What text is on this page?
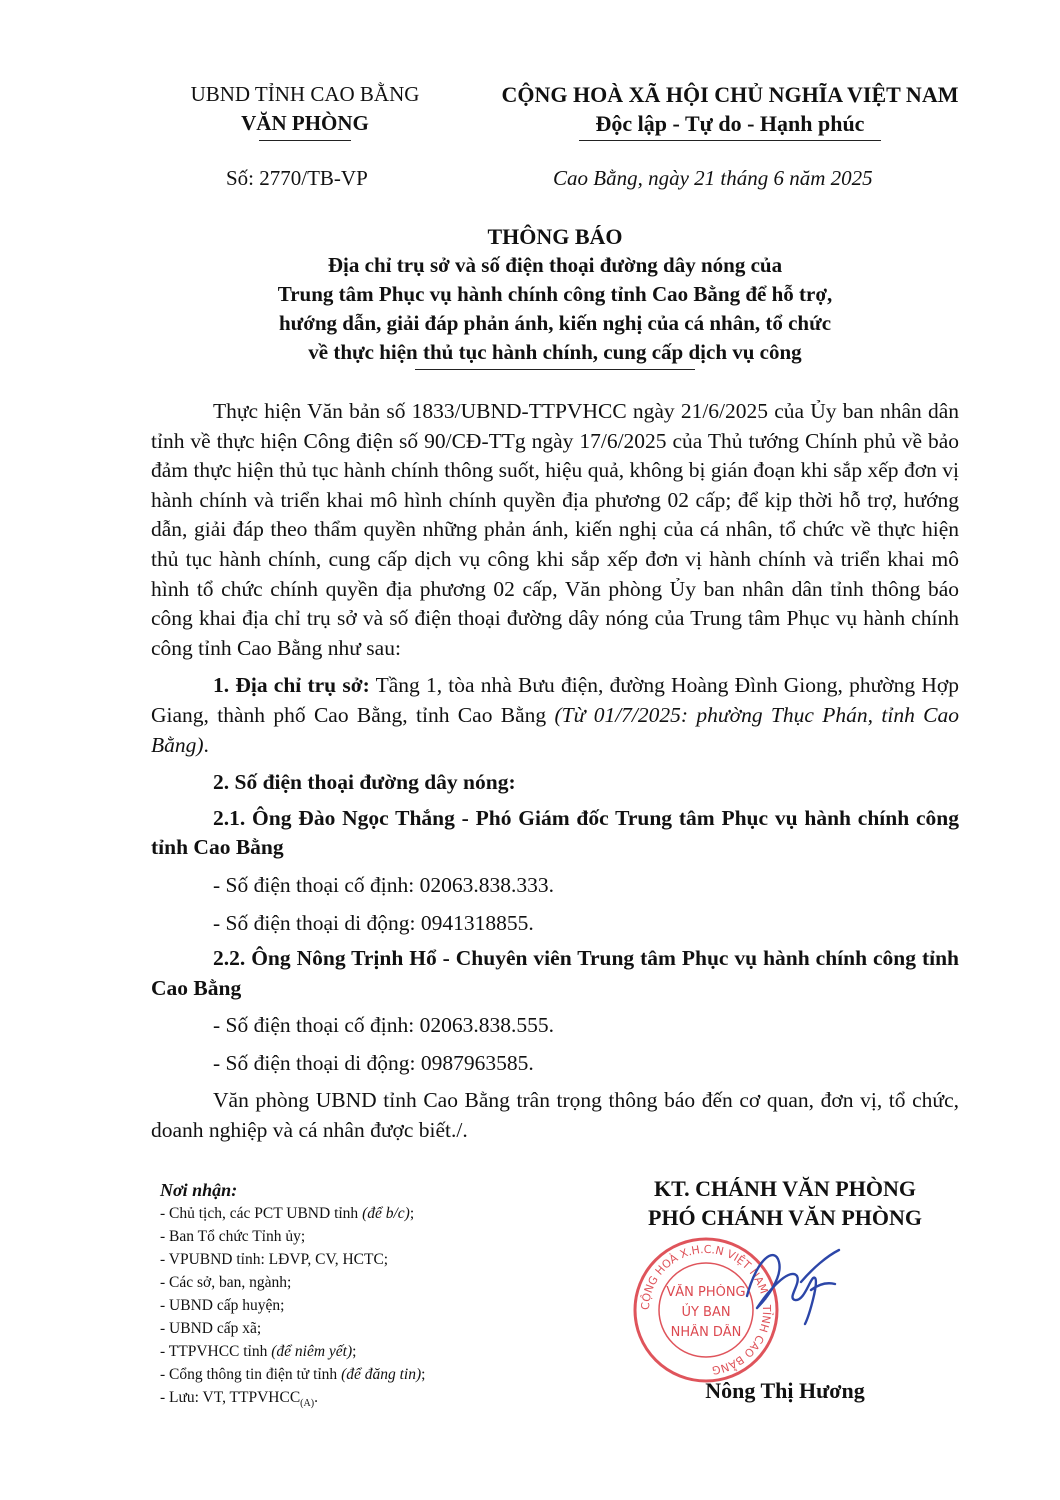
UBND TỈNH CAO BẰNG
VĂN PHÒNG
CỘNG HOÀ XÃ HỘI CHỦ NGHĨA VIỆT NAM
Độc lập - Tự do - Hạnh phúc
Số: 2770/TB-VP	Cao Bằng, ngày 21 tháng 6 năm 2025
THÔNG BÁO
Địa chỉ trụ sở và số điện thoại đường dây nóng của
Trung tâm Phục vụ hành chính công tỉnh Cao Bằng để hỗ trợ,
hướng dẫn, giải đáp phản ánh, kiến nghị của cá nhân, tổ chức
về thực hiện thủ tục hành chính, cung cấp dịch vụ công

Thực hiện Văn bản số 1833/UBND-TTPVHCC ngày 21/6/2025 của Ủy ban nhân dân tỉnh về thực hiện Công điện số 90/CĐ-TTg ngày 17/6/2025 của Thủ tướng Chính phủ về bảo đảm thực hiện thủ tục hành chính thông suốt, hiệu quả, không bị gián đoạn khi sắp xếp đơn vị hành chính và triển khai mô hình chính quyền địa phương 02 cấp; để kịp thời hỗ trợ, hướng dẫn, giải đáp theo thẩm quyền những phản ánh, kiến nghị của cá nhân, tổ chức về thực hiện thủ tục hành chính, cung cấp dịch vụ công khi sắp xếp đơn vị hành chính và triển khai mô hình tổ chức chính quyền địa phương 02 cấp, Văn phòng Ủy ban nhân dân tỉnh thông báo công khai địa chỉ trụ sở và số điện thoại đường dây nóng của Trung tâm Phục vụ hành chính công tỉnh Cao Bằng như sau:

1. Địa chỉ trụ sở: Tầng 1, tòa nhà Bưu điện, đường Hoàng Đình Giong, phường Hợp Giang, thành phố Cao Bằng, tỉnh Cao Bằng (Từ 01/7/2025: phường Thục Phán, tỉnh Cao Bằng).

2. Số điện thoại đường dây nóng:

2.1. Ông Đào Ngọc Thắng - Phó Giám đốc Trung tâm Phục vụ hành chính công tỉnh Cao Bằng

- Số điện thoại cố định: 02063.838.333.

- Số điện thoại di động: 0941318855.

2.2. Ông Nông Trịnh Hổ - Chuyên viên Trung tâm Phục vụ hành chính công tỉnh Cao Bằng

- Số điện thoại cố định: 02063.838.555.

- Số điện thoại di động: 0987963585.

Văn phòng UBND tỉnh Cao Bằng trân trọng thông báo đến cơ quan, đơn vị, tổ chức, doanh nghiệp và cá nhân được biết./.

Nơi nhận:
- Chủ tịch, các PCT UBND tỉnh (để b/c);
- Ban Tổ chức Tỉnh ủy;
- VPUBND tỉnh: LĐVP, CV, HCTC;
- Các sở, ban, ngành;
- UBND cấp huyện;
- UBND cấp xã;
- TTPVHCC tỉnh (để niêm yết);
- Cổng thông tin điện tử tỉnh (để đăng tin);
- Lưu: VT, $TTPVHCC_{(A)}$.
KT. CHÁNH VĂN PHÒNG
PHÓ CHÁNH VĂN PHÒNG
CỘNG HOÀ X.H.C.N VIỆT NAM · TỈNH CAO BẰNG
VĂN PHÒNG
ỦY BAN
NHÂN DÂN
Nông Thị Hương
